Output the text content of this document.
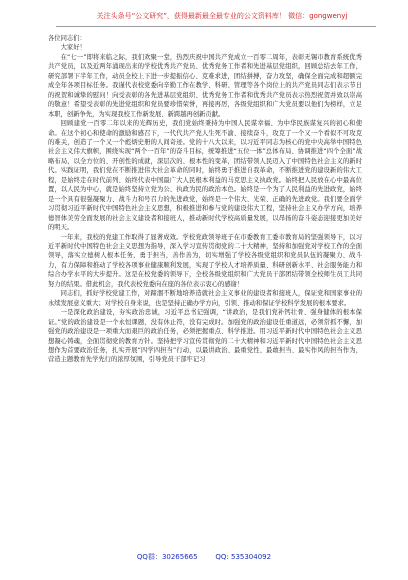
关注头条号“公文研究”，获得最新最全最专业的公文资料库！ 微信：gongwenyj

各位同志们：

大家好！

在“七一”即将来临之际，我们欢聚一堂，热烈庆祝中国共产党成立一百零二周年，表彰无锡市教育系统优秀共产党员，以及近两年涌现出来的学校优秀共产党员、优秀党务工作者和先进基层党组织，回顾总结去年工作，研究部署下半年工作，动员全校上下进一步提振信心、克难求进，团结拼搏，奋力攻坚，确保全面完成和超额完成全年各项目标任务。我谨代表校党委向辛勤工作在教学、科研、管理等各个岗位上的共产党员同志们表示节日的祝贺和诚挚的慰问！向受表彰的各先进基层党组织、优秀党务工作者和优秀共产党员表示热烈祝贺并致以崇高的敬意！希望受表彰的先进党组织和党员要珍惜荣誉，再接再厉，各级党组织和广大党员要以他们为榜样，立足本职，创新争先，为实现我校工作新发展、新跨越再创新贡献。

回顾建党一百零二年以来的光辉历史，我们党始终秉持为中国人民谋幸福、为中华民族谋复兴的初心和使命。在这个初心和使命的激励和感召下，一代代共产党人生死不渝、接续奋斗，攻克了一个又一个看似不可攻克的难关，创造了一个又一个彪炳史册的人间奇迹。党的十八大以来，以习近平同志为核心的党中央高举中国特色社会主义伟大旗帜，围绕实现“两个一百年”的奋斗目标，统筹推进“五位一体”总体布局、协调推进“四个全面”战略布局，以全方位的、开创性的成就，深层次的、根本性的变革，团结带领人民迈入了中国特色社会主义的新时代。实践证明，我们党在不断推进伟大社会革命的同时，始终勇于推进自我革命，不断推进党的建设新的伟大工程，是始终走在时代前列、始终代表中国最广大人民根本利益的马克思主义执政党。始终把人民放在心中最高位置，以人民为中心，就是始终坚持立党为公、执政为民的政治本色。始终是一个为了人民利益的先进政党，始终是一个具有很强凝聚力、战斗力和号召力的先进政党，始终是一个伟大、光荣、正确的先进政党。我们要全面学习贯彻习近平新时代中国特色社会主义思想，积极推进和参与党的建设伟大工程，坚持社会主义办学方向，培养德智体美劳全面发展的社会主义建设者和接班人，推动新时代学校高质量发展，以昂扬的奋斗姿态迎接更加美好的明天。

一年来，我校的党建工作取得了显著成效。学校党政领导班子在市委教育工委市教育局的坚强领导下，以习近平新时代中国特色社会主义思想为指导，深入学习宣传贯彻党的二十大精神，坚持和加强党对学校工作的全面领导，落实立德树人根本任务，勇于担当，善作善为，切实增强了学校各级党组织和党员队伍的凝聚力、战斗力，有力保障和推动了学校各项事业健康顺利发展，实现了学校人才培养质量、科研创新水平、社会服务能力和综合办学水平的大步提升。这是在校党委的领导下，全校各级党组织和广大党员干部团结带领全校师生员工共同努力的结果。借此机会，我代表校党委向在座的各位表示衷心的感谢！

同志们，抓好学校党建工作，对蹄涸不断地培养造就社会主义事业的建设者和接班人，保证党和国家事业的永续发展意义重大；对学校自身来说，也是坚持正确办学方向，引领、推动和保证学校科学发展的根本要求。

一是深化政治建设，夯实政治忠诚，习近平总书记强调，“讲政治，是我们党补钙壮骨、强身健体的根本保证。”党的政治建设是一个永恒课题，没有休止符，没有完成时。加强党的政治建设任重道远，必须常抓不懈，加强党的政治建设是一项重大而艰巨的政治任务，必须把握重点、科学推进。用习近平新时代中国特色社会主义思想凝心铸魂，全面贯彻党的教育方针。坚持把学习宣传贯彻党的二十大精神和习近平新时代中国特色社会主义思想作为首要政治任务，扎实开展“四学四担当”行动，以最讲政治、最重党性、最敢担当、最实作风的担当作为，营造主题教育先学先行的浓厚氛围，引导党员干部牢记习

QQ群：30265665	QQ: 535304092
